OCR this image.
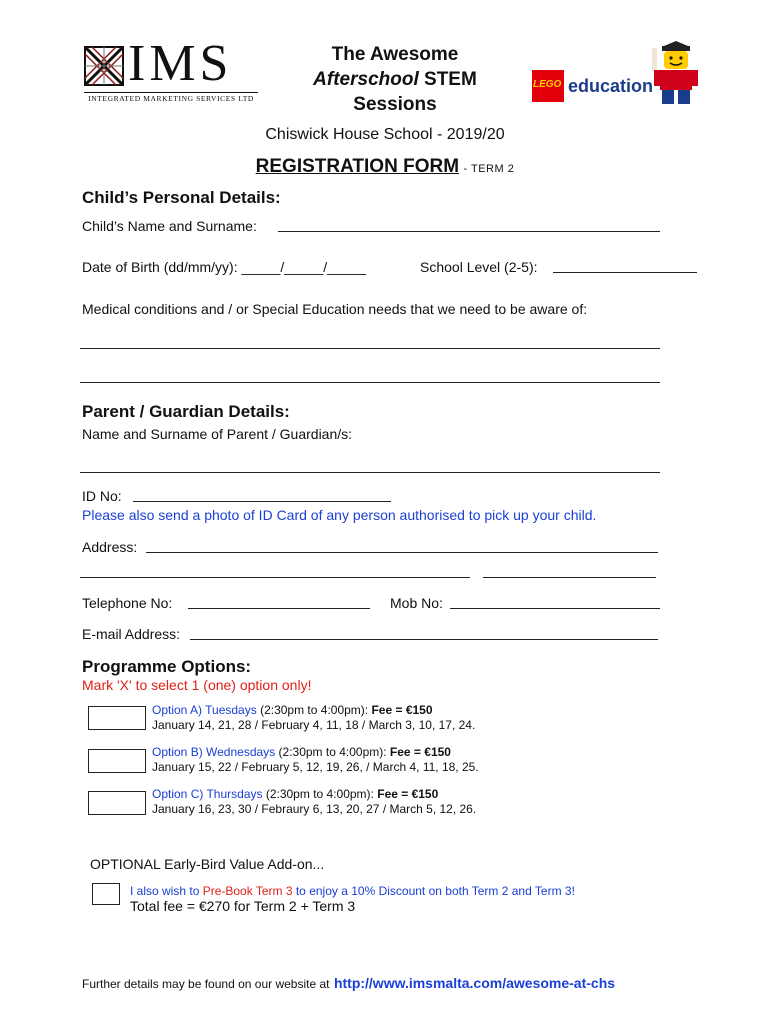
IMS
INTEGRATED MARKETING SERVICES LTD
The Awesome
Afterschool STEM
Sessions
LEGO education
Chiswick House School - 2019/20
REGISTRATION FORM - TERM 2
Child’s Personal Details:
Child’s Name and Surname:
Date of Birth (dd/mm/yy): _____/_____/_____	School Level (2-5):
Medical conditions and / or Special Education needs that we need to be aware of:
Parent / Guardian Details:
Name and Surname of Parent / Guardian/s:
ID No:
Please also send a photo of ID Card of any person authorised to pick up your child.
Address:
Telephone No:	Mob No:
E-mail Address:
Programme Options:
Mark 'X' to select 1 (one) option only!
Option A) Tuesdays (2:30pm to 4:00pm): Fee = €150
January 14, 21, 28 / February 4, 11, 18 / March 3, 10, 17, 24.
Option B) Wednesdays (2:30pm to 4:00pm): Fee = €150
January 15, 22 / February 5, 12, 19, 26, / March 4, 11, 18, 25.
Option C) Thursdays (2:30pm to 4:00pm): Fee = €150
January 16, 23, 30 / Febraury 6, 13, 20, 27 / March 5, 12, 26.
OPTIONAL Early-Bird Value Add-on...
I also wish to Pre-Book Term 3 to enjoy a 10% Discount on both Term 2 and Term 3!
Total fee = €270 for Term 2 + Term 3
Further details may be found on our website at http://www.imsmalta.com/awesome-at-chs
